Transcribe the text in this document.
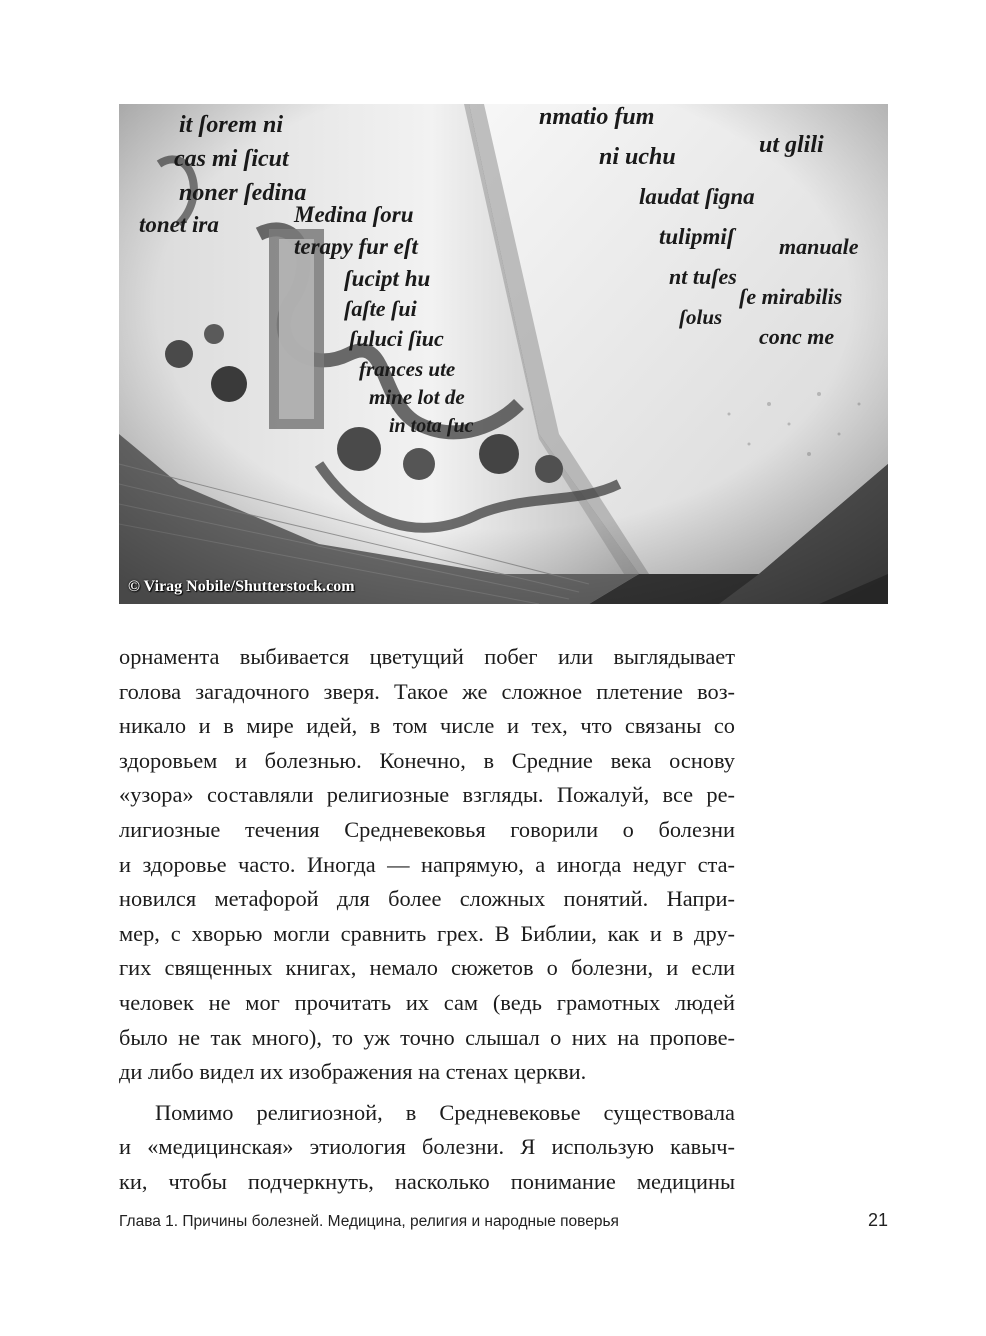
© Virag Nobile/Shutterstock.com
орнамента выбивается цветущий побег или выглядывает
голова загадочного зверя. Такое же сложное плетение воз-
никало и в мире идей, в том числе и тех, что связаны со
здоровьем и болезнью. Конечно, в Средние века основу
«узора» составляли религиозные взгляды. Пожалуй, все ре-
лигиозные течения Средневековья говорили о болезни
и здоровье часто. Иногда — напрямую, а иногда недуг ста-
новился метафорой для более сложных понятий. Напри-
мер, с хворью могли сравнить грех. В Библии, как и в дру-
гих священных книгах, немало сюжетов о болезни, и если
человек не мог прочитать их сам (ведь грамотных людей
было не так много), то уж точно слышал о них на пропове-
ди либо видел их изображения на стенах церкви.
Помимо религиозной, в Средневековье существовала
и «медицинская» этиология болезни. Я использую кавыч-
ки, чтобы подчеркнуть, насколько понимание медицины
Глава 1. Причины болезней. Медицина, религия и народные поверья	21
